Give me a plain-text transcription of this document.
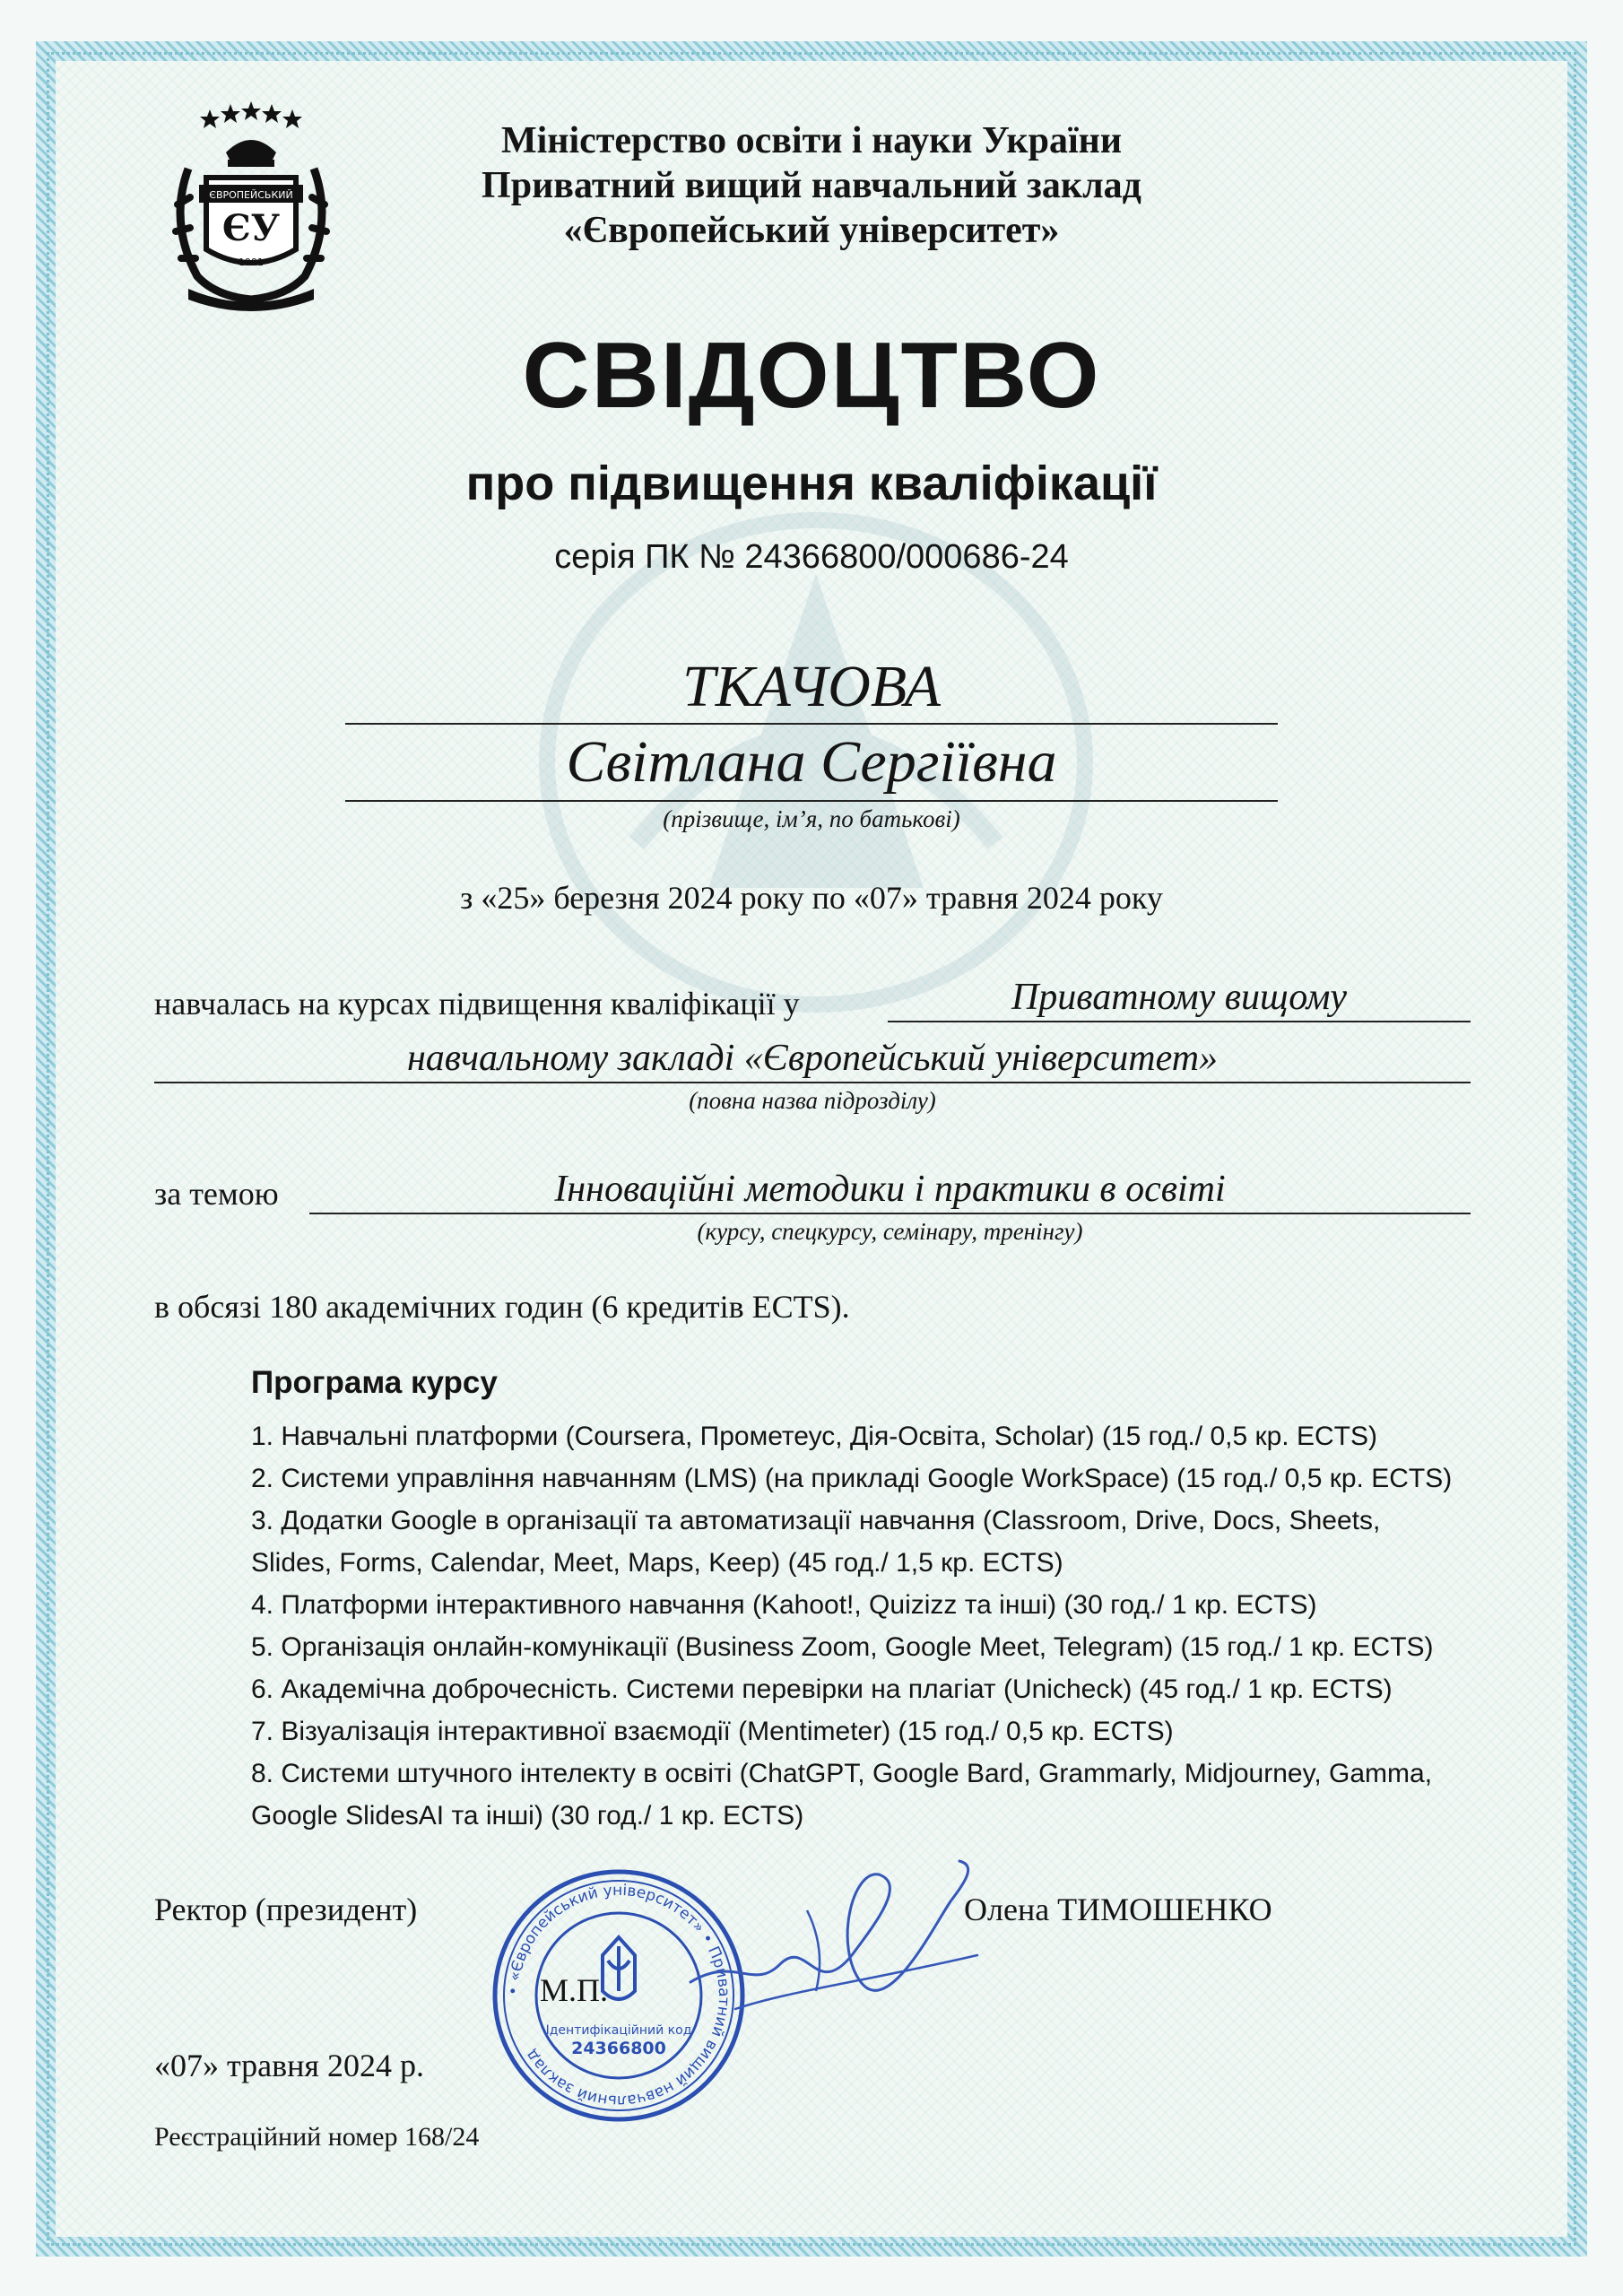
ЄВРОПЕЙСЬКИЙ
ЄУ
1991

Міністерство освіти і науки України

Приватний вищий навчальний заклад

«Європейський університет»

СВІДОЦТВО

про підвищення кваліфікації

серія ПК № 24366800/000686-24

ТКАЧОВА

Світлана Сергіївна

(прізвище, ім’я, по батькові)

з «25» березня 2024 року по «07» травня 2024 року

навчалась на курсах підвищення кваліфікації у	Приватному вищому

навчальному закладі «Європейський університет»

(повна назва підрозділу)

за темою	Інноваційні методики і практики в освіті

(курсу, спецкурсу, семінару, тренінгу)

в обсязі 180 академічних годин (6 кредитів ЕСТS).

Програма курсу

1. Навчальні платформи (Coursera, Прометеус, Дія-Освіта, Scholar) (15 год./ 0,5 кр. ECTS)
2. Системи управління навчанням (LMS) (на прикладі Google WorkSpace) (15 год./ 0,5 кр. ECTS)
3. Додатки Google в організації та автоматизації навчання (Classroom, Drive, Docs, Sheets,
Slides, Forms, Calendar, Meet, Maps, Keep) (45 год./ 1,5 кр. ECTS)
4. Платформи інтерактивного навчання (Kahoot!, Quizizz та інші) (30 год./ 1 кр. ECTS)
5. Організація онлайн-комунікації (Business Zoom, Google Meet, Telegram) (15 год./ 1 кр. ECTS)
6. Академічна доброчесність. Системи перевірки на плагіат (Unicheck) (45 год./ 1 кр. ECTS)
7. Візуалізація інтерактивної взаємодії (Mentimeter) (15 год./ 0,5 кр. ECTS)
8. Системи штучного інтелекту в освіті (ChatGPT, Google Bard, Grammarly, Midjourney, Gamma,
Google SlidesAI та інші) (30 год./ 1 кр. ECTS)

Ректор (президент)	Олена ТИМОШЕНКО

• «Європейський університет» • Приватний вищий навчальний заклад
Ідентифікаційний код
24366800

М.П.

«07» травня 2024 р.

Реєстраційний номер 168/24
